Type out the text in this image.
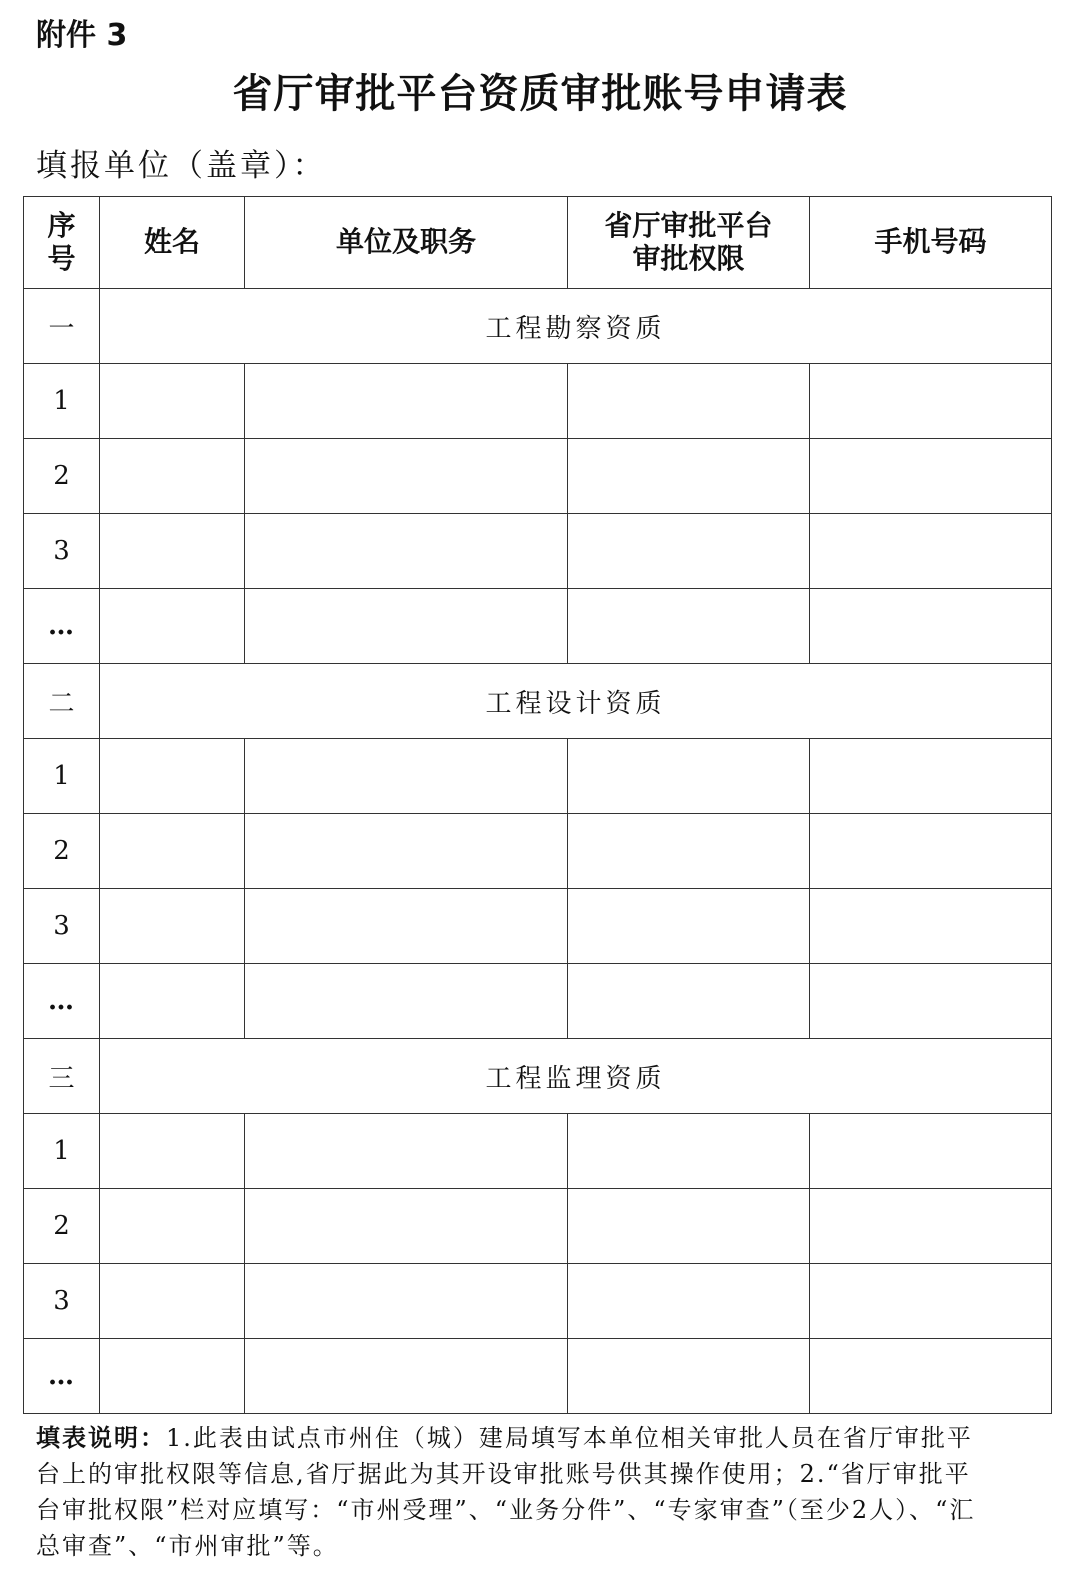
附件 3
省厅审批平台资质审批账号申请表
填报单位（盖章）：
序号	姓名	单位及职务	省厅审批平台审批权限	手机号码
一	工程勘察资质			
1				
2				
3				
…				
二	工程设计资质			
1				
2				
3				
…				
三	工程监理资质			
1				
2				
3				
…				
填表说明：1.此表由试点市州住（城）建局填写本单位相关审批人员在省厅审批平台上的审批权限等信息,省厅据此为其开设审批账号供其操作使用；2.“省厅审批平台审批权限”栏对应填写：“市州受理”、“业务分件”、“专家审查”（至少2人）、“汇总审查”、“市州审批”等。
